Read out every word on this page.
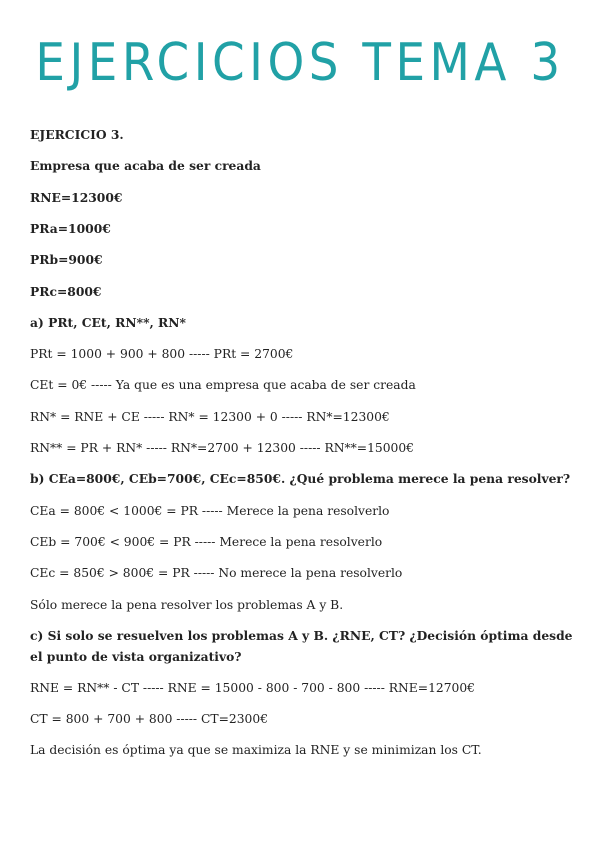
EJERCICIOS TEMA 3
EJERCICIO 3.
Empresa que acaba de ser creada
RNE=12300€
PRa=1000€
PRb=900€
PRc=800€
a) PRt, CEt, RN**, RN*
PRt = 1000 + 900 + 800 ----- PRt = 2700€
CEt = 0€ ----- Ya que es una empresa que acaba de ser creada
RN* = RNE + CE ----- RN* = 12300 + 0 ----- RN*=12300€
RN** = PR + RN* ----- RN*=2700 + 12300 ----- RN**=15000€
b) CEa=800€, CEb=700€, CEc=850€. ¿Qué problema merece la pena resolver?
CEa = 800€ < 1000€ = PR ----- Merece la pena resolverlo
CEb = 700€ < 900€ = PR ----- Merece la pena resolverlo
CEc = 850€ > 800€ = PR ----- No merece la pena resolverlo
Sólo merece la pena resolver los problemas A y B.
c) Si solo se resuelven los problemas A y B. ¿RNE, CT? ¿Decisión óptima desde el punto de vista organizativo?
RNE = RN** - CT ----- RNE = 15000 - 800 - 700 - 800 ----- RNE=12700€
CT = 800 + 700 + 800 ----- CT=2300€
La decisión es óptima ya que se maximiza la RNE y se minimizan los CT.
